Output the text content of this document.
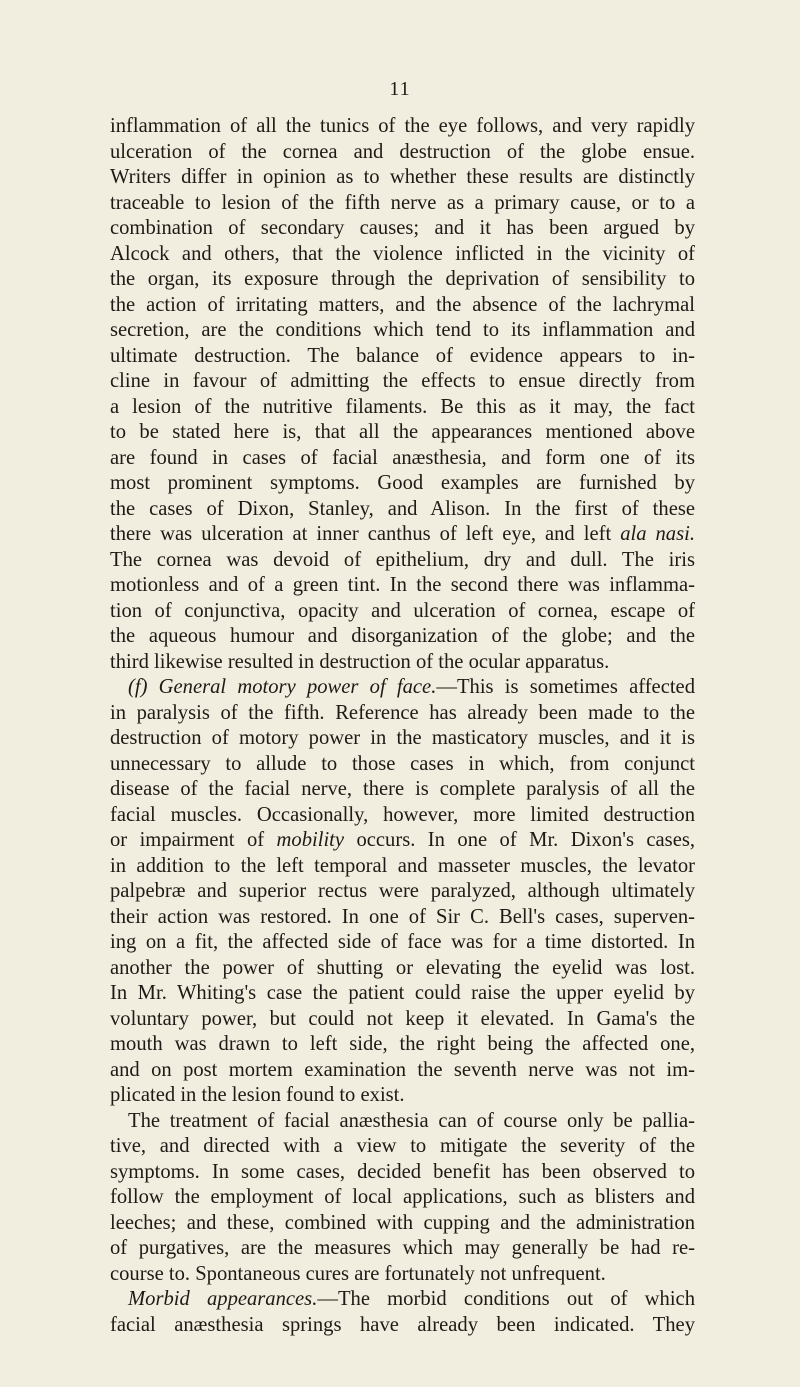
11
inflammation of all the tunics of the eye follows, and very rapidly
ulceration of the cornea and destruction of the globe ensue.
Writers differ in opinion as to whether these results are distinctly
traceable to lesion of the fifth nerve as a primary cause, or to a
combination of secondary causes; and it has been argued by
Alcock and others, that the violence inflicted in the vicinity of
the organ, its exposure through the deprivation of sensibility to
the action of irritating matters, and the absence of the lachrymal
secretion, are the conditions which tend to its inflammation and
ultimate destruction. The balance of evidence appears to in-
cline in favour of admitting the effects to ensue directly from
a lesion of the nutritive filaments. Be this as it may, the fact
to be stated here is, that all the appearances mentioned above
are found in cases of facial anæsthesia, and form one of its
most prominent symptoms. Good examples are furnished by
the cases of Dixon, Stanley, and Alison. In the first of these
there was ulceration at inner canthus of left eye, and left ala nasi.
The cornea was devoid of epithelium, dry and dull. The iris
motionless and of a green tint. In the second there was inflamma-
tion of conjunctiva, opacity and ulceration of cornea, escape of
the aqueous humour and disorganization of the globe; and the
third likewise resulted in destruction of the ocular apparatus.
(f) General motory power of face.—This is sometimes affected
in paralysis of the fifth. Reference has already been made to the
destruction of motory power in the masticatory muscles, and it is
unnecessary to allude to those cases in which, from conjunct
disease of the facial nerve, there is complete paralysis of all the
facial muscles. Occasionally, however, more limited destruction
or impairment of mobility occurs. In one of Mr. Dixon's cases,
in addition to the left temporal and masseter muscles, the levator
palpebræ and superior rectus were paralyzed, although ultimately
their action was restored. In one of Sir C. Bell's cases, superven-
ing on a fit, the affected side of face was for a time distorted. In
another the power of shutting or elevating the eyelid was lost.
In Mr. Whiting's case the patient could raise the upper eyelid by
voluntary power, but could not keep it elevated. In Gama's the
mouth was drawn to left side, the right being the affected one,
and on post mortem examination the seventh nerve was not im-
plicated in the lesion found to exist.
The treatment of facial anæsthesia can of course only be pallia-
tive, and directed with a view to mitigate the severity of the
symptoms. In some cases, decided benefit has been observed to
follow the employment of local applications, such as blisters and
leeches; and these, combined with cupping and the administration
of purgatives, are the measures which may generally be had re-
course to. Spontaneous cures are fortunately not unfrequent.
Morbid appearances.—The morbid conditions out of which
facial anæsthesia springs have already been indicated. They
